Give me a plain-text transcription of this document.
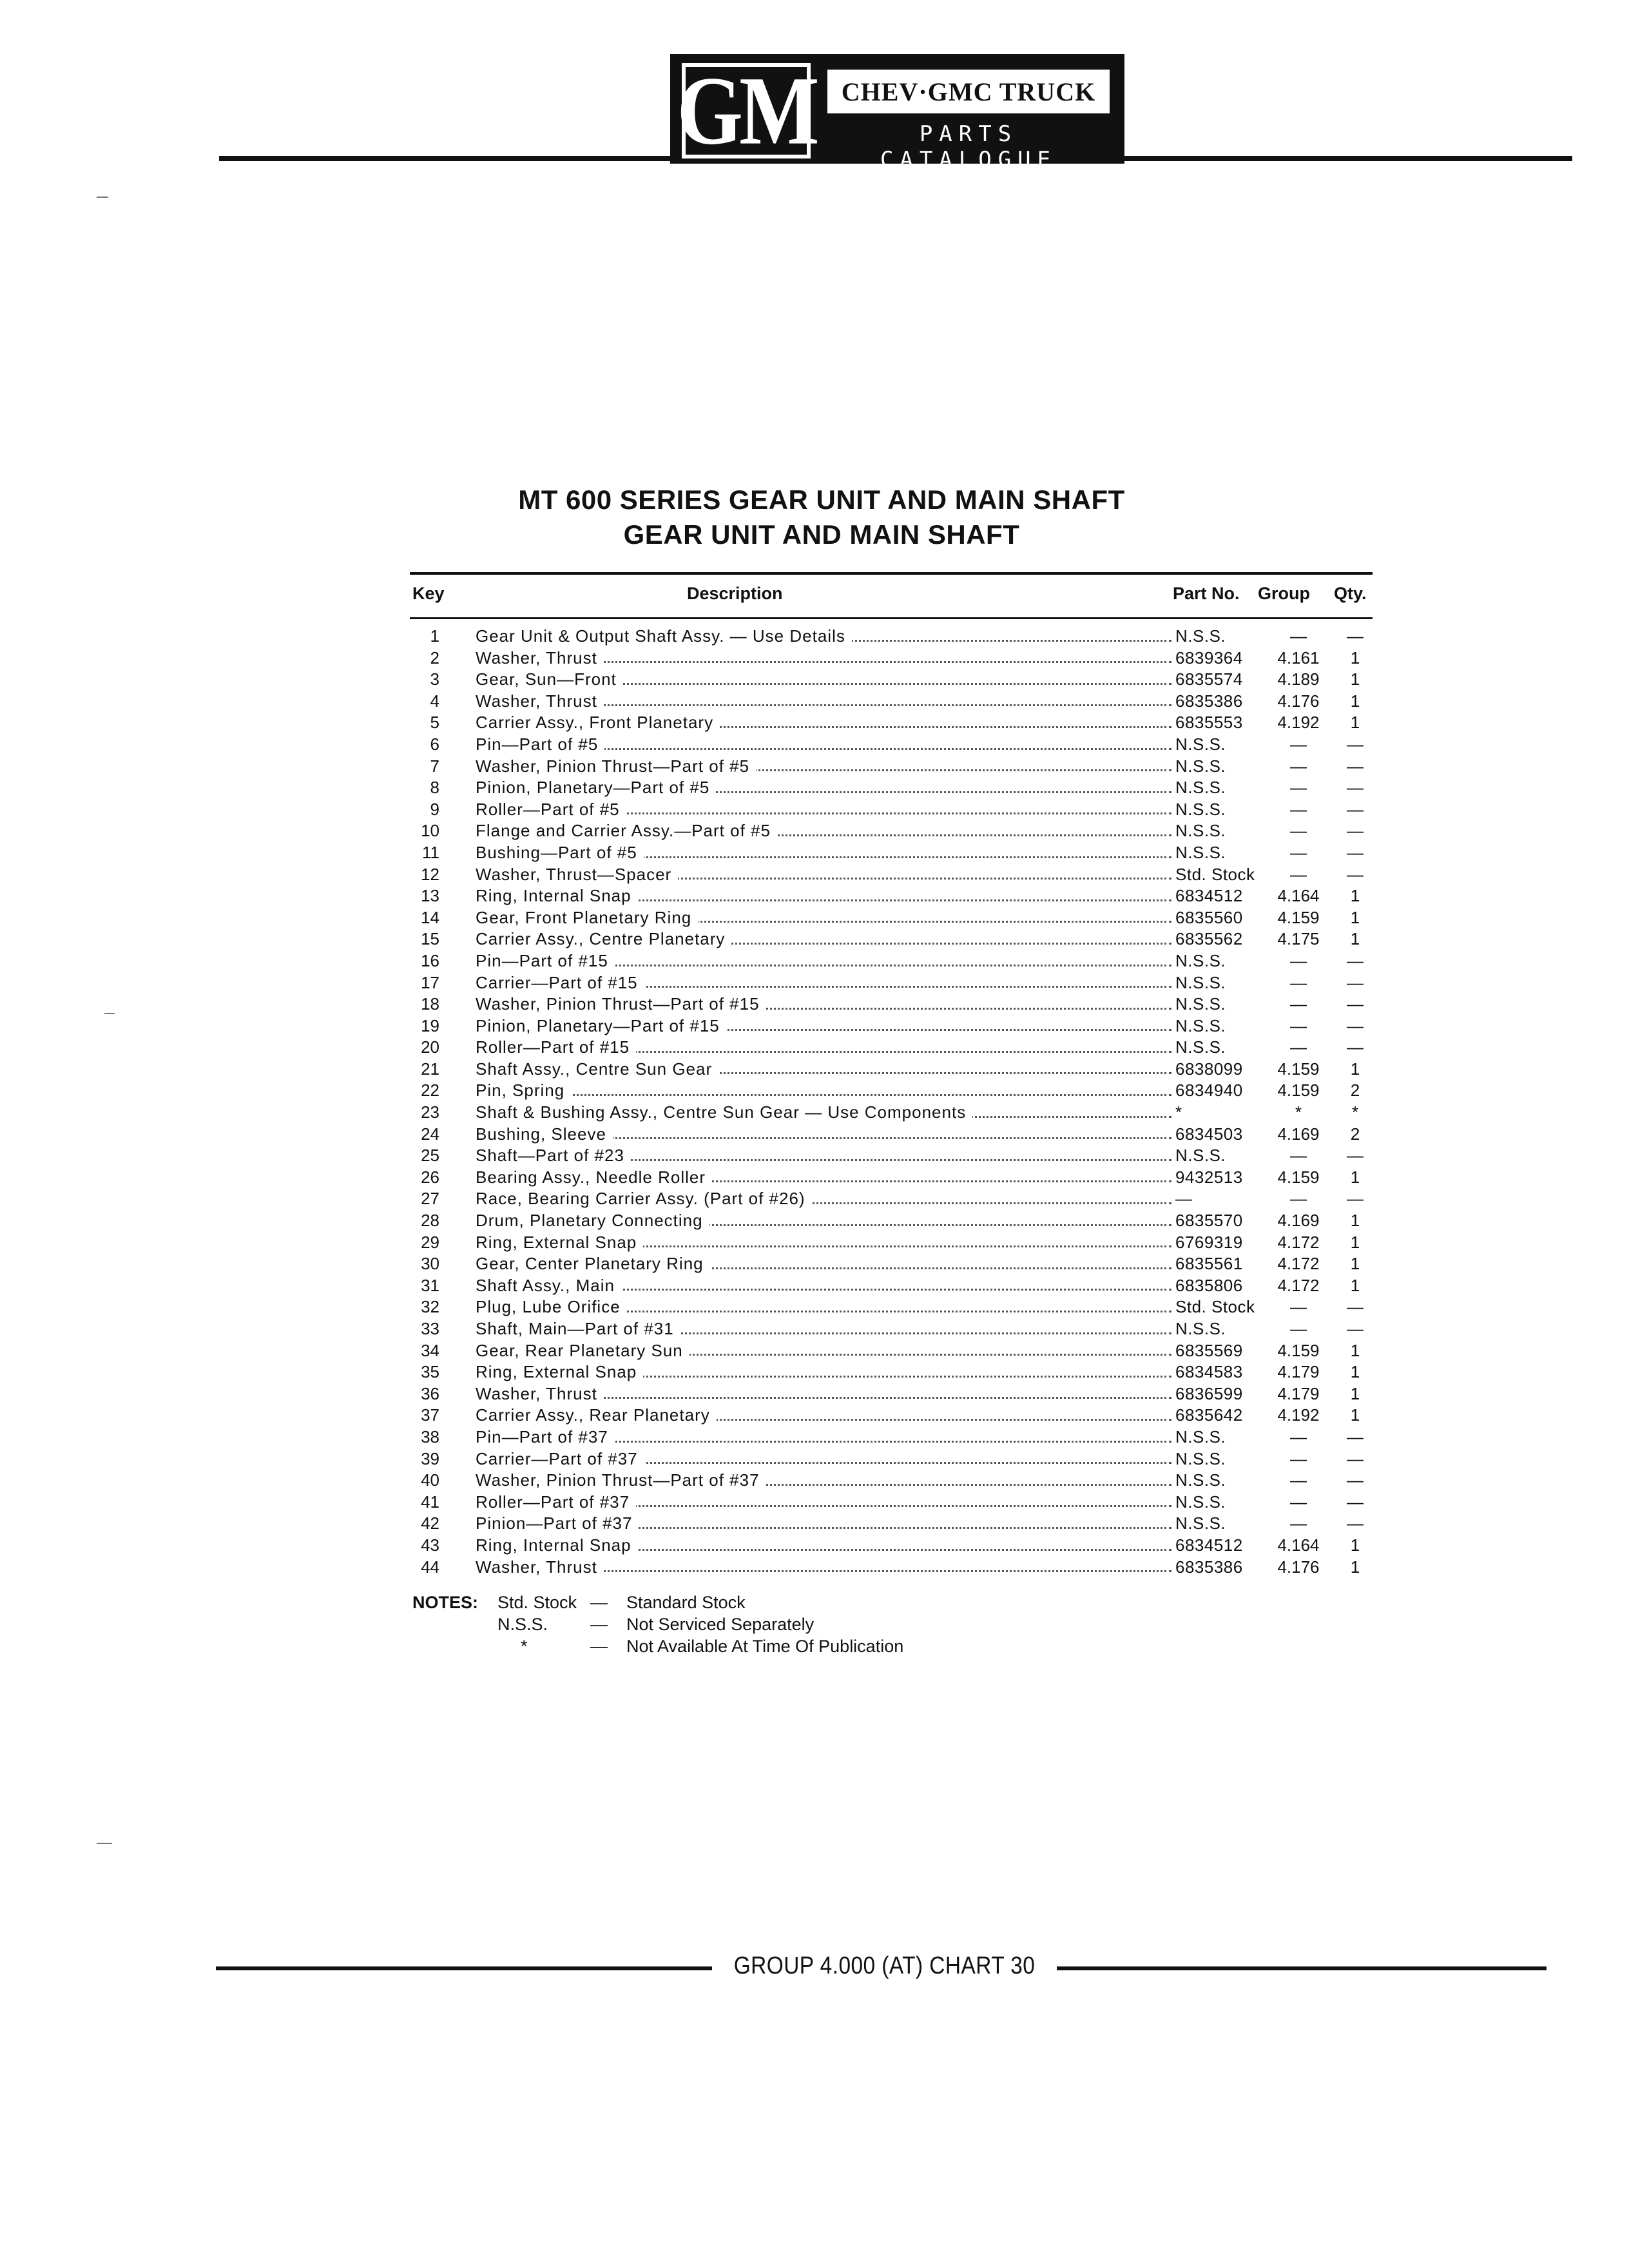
GM CHEV·GMC TRUCK
PARTS CATALOGUE
MT 600 SERIES GEAR UNIT AND MAIN SHAFT
GEAR UNIT AND MAIN SHAFT
Key	Description	Part No. Group Qty.
1 Gear Unit & Output Shaft Assy. — Use Details	N.S.S.	—	—
2 Washer, Thrust	6839364	4.161	1
3 Gear, Sun—Front	6835574	4.189	1
4 Washer, Thrust	6835386	4.176	1
5 Carrier Assy., Front Planetary	6835553	4.192	1
6 Pin—Part of #5	N.S.S.	—	—
7 Washer, Pinion Thrust—Part of #5	N.S.S.	—	—
8 Pinion, Planetary—Part of #5	N.S.S.	—	—
9 Roller—Part of #5	N.S.S.	—	—
10 Flange and Carrier Assy.—Part of #5	N.S.S.	—	—
11 Bushing—Part of #5	N.S.S.	—	—
12 Washer, Thrust—Spacer	Std. Stock	—	—
13 Ring, Internal Snap	6834512	4.164	1
14 Gear, Front Planetary Ring	6835560	4.159	1
15 Carrier Assy., Centre Planetary	6835562	4.175	1
16 Pin—Part of #15	N.S.S.	—	—
17 Carrier—Part of #15	N.S.S.	—	—
18 Washer, Pinion Thrust—Part of #15	N.S.S.	—	—
19 Pinion, Planetary—Part of #15	N.S.S.	—	—
20 Roller—Part of #15	N.S.S.	—	—
21 Shaft Assy., Centre Sun Gear	6838099	4.159	1
22 Pin, Spring	6834940	4.159	2
23 Shaft & Bushing Assy., Centre Sun Gear — Use Components	*	*	*
24 Bushing, Sleeve	6834503	4.169	2
25 Shaft—Part of #23	N.S.S.	—	—
26 Bearing Assy., Needle Roller	9432513	4.159	1
27 Race, Bearing Carrier Assy. (Part of #26)	—	—	—
28 Drum, Planetary Connecting	6835570	4.169	1
29 Ring, External Snap	6769319	4.172	1
30 Gear, Center Planetary Ring	6835561	4.172	1
31 Shaft Assy., Main	6835806	4.172	1
32 Plug, Lube Orifice	Std. Stock	—	—
33 Shaft, Main—Part of #31	N.S.S.	—	—
34 Gear, Rear Planetary Sun	6835569	4.159	1
35 Ring, External Snap	6834583	4.179	1
36 Washer, Thrust	6836599	4.179	1
37 Carrier Assy., Rear Planetary	6835642	4.192	1
38 Pin—Part of #37	N.S.S.	—	—
39 Carrier—Part of #37	N.S.S.	—	—
40 Washer, Pinion Thrust—Part of #37	N.S.S.	—	—
41 Roller—Part of #37	N.S.S.	—	—
42 Pinion—Part of #37	N.S.S.	—	—
43 Ring, Internal Snap	6834512	4.164	1
44 Washer, Thrust	6835386	4.176	1
NOTES: Std. Stock — Standard Stock
N.S.S. — Not Serviced Separately
*	— Not Available At Time Of Publication
GROUP 4.000 (AT) CHART 30
